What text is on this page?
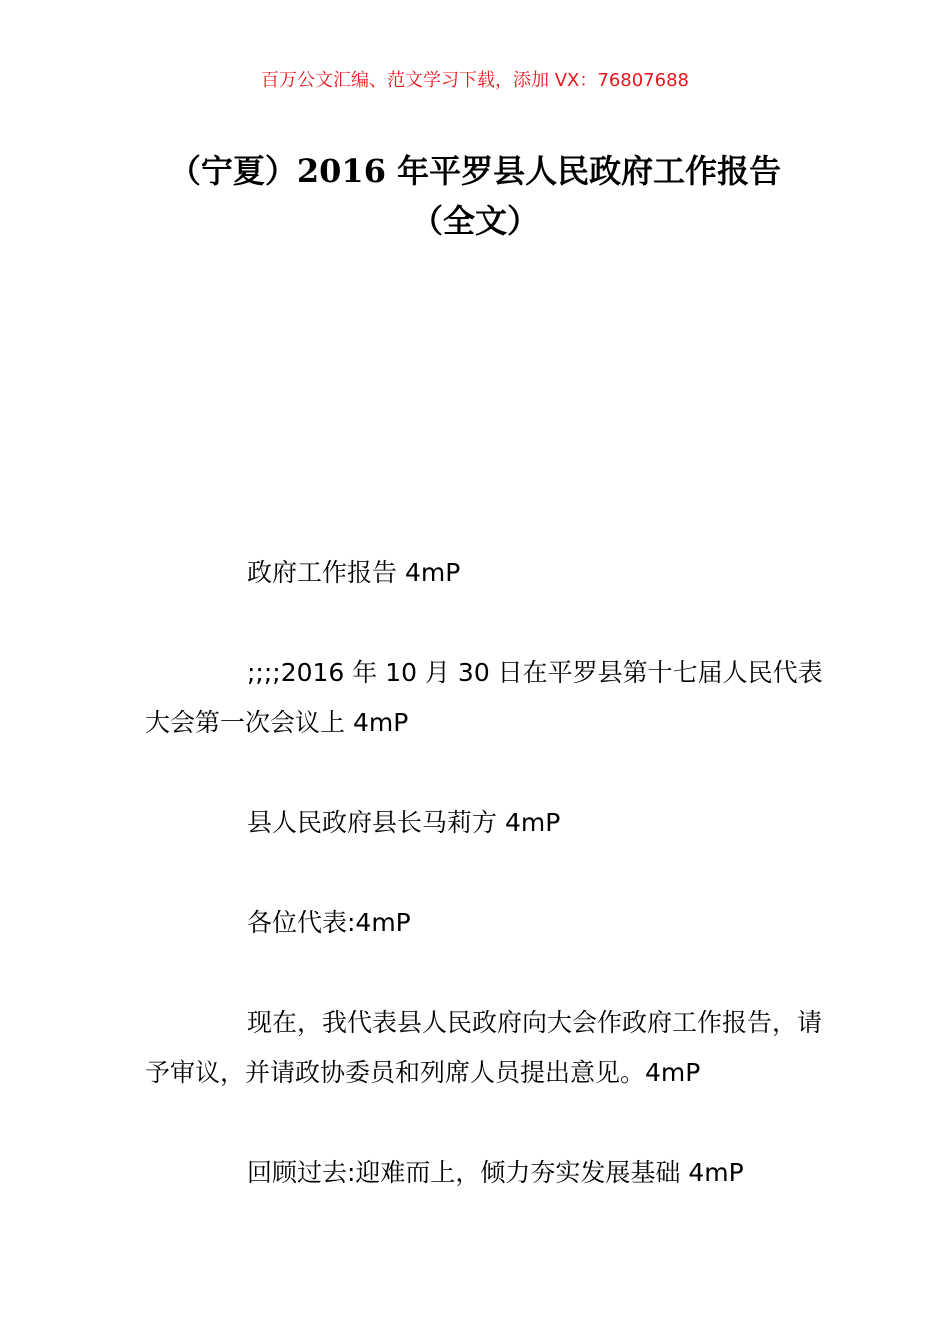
百万公文汇编、范文学习下载，添加 VX：76807688
（宁夏）2016 年平罗县人民政府工作报告
（全文）

政府工作报告 4mP

;;;;2016 年 10 月 30 日在平罗县第十七届人民代表大会第一次会议上 4mP

县人民政府县长马莉方 4mP

各位代表:4mP

现在，我代表县人民政府向大会作政府工作报告，请予审议，并请政协委员和列席人员提出意见。4mP

回顾过去:迎难而上，倾力夯实发展基础 4mP
